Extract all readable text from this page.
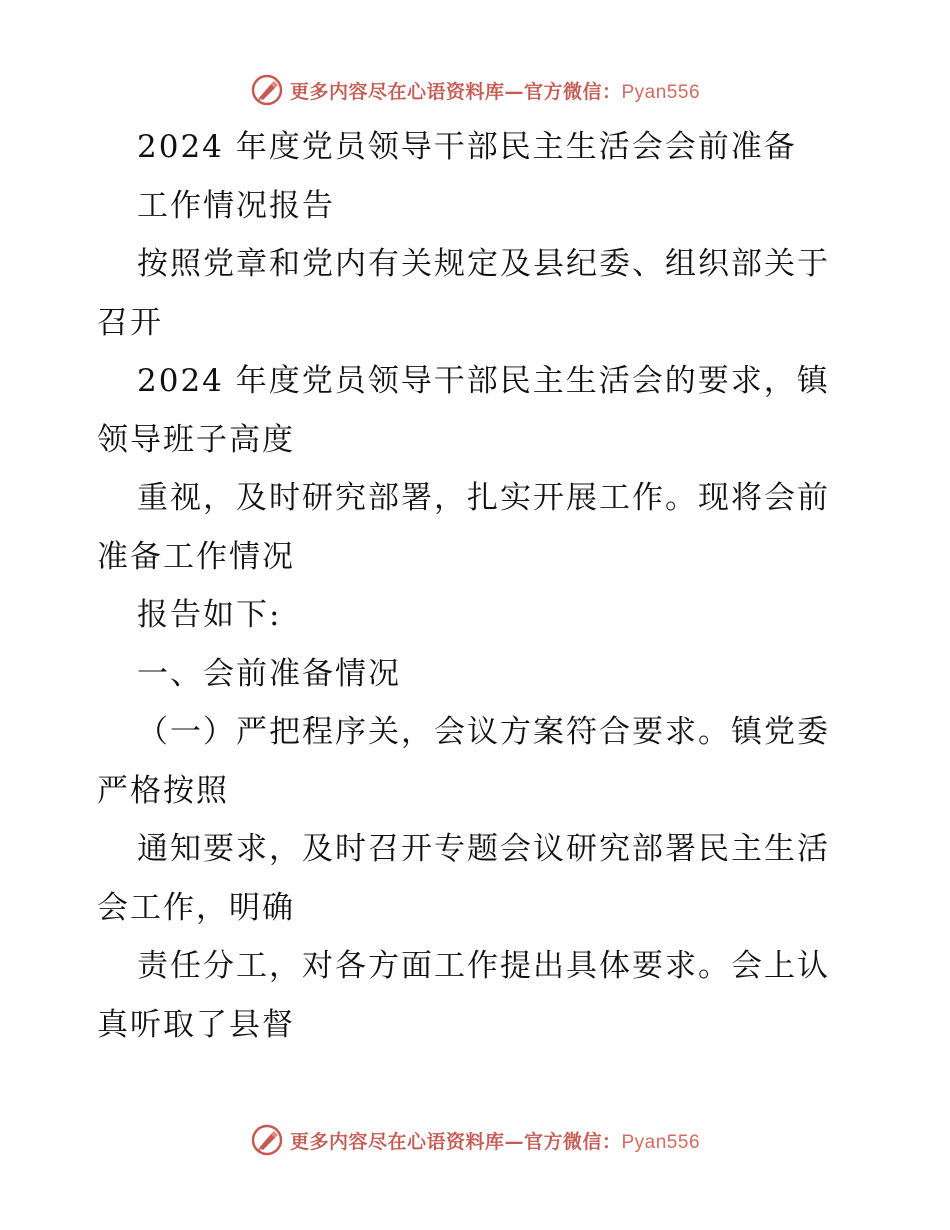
更多内容尽在心语资料库—官方微信：Pyan556
2024 年度党员领导干部民主生活会会前准备
工作情况报告
按照党章和党内有关规定及县纪委、组织部关于
召开
2024 年度党员领导干部民主生活会的要求，镇
领导班子高度
重视，及时研究部署，扎实开展工作。现将会前
准备工作情况
报告如下:
一、会前准备情况
（一）严把程序关，会议方案符合要求。镇党委
严格按照
通知要求，及时召开专题会议研究部署民主生活
会工作，明确
责任分工，对各方面工作提出具体要求。会上认
真听取了县督
更多内容尽在心语资料库—官方微信：Pyan556
